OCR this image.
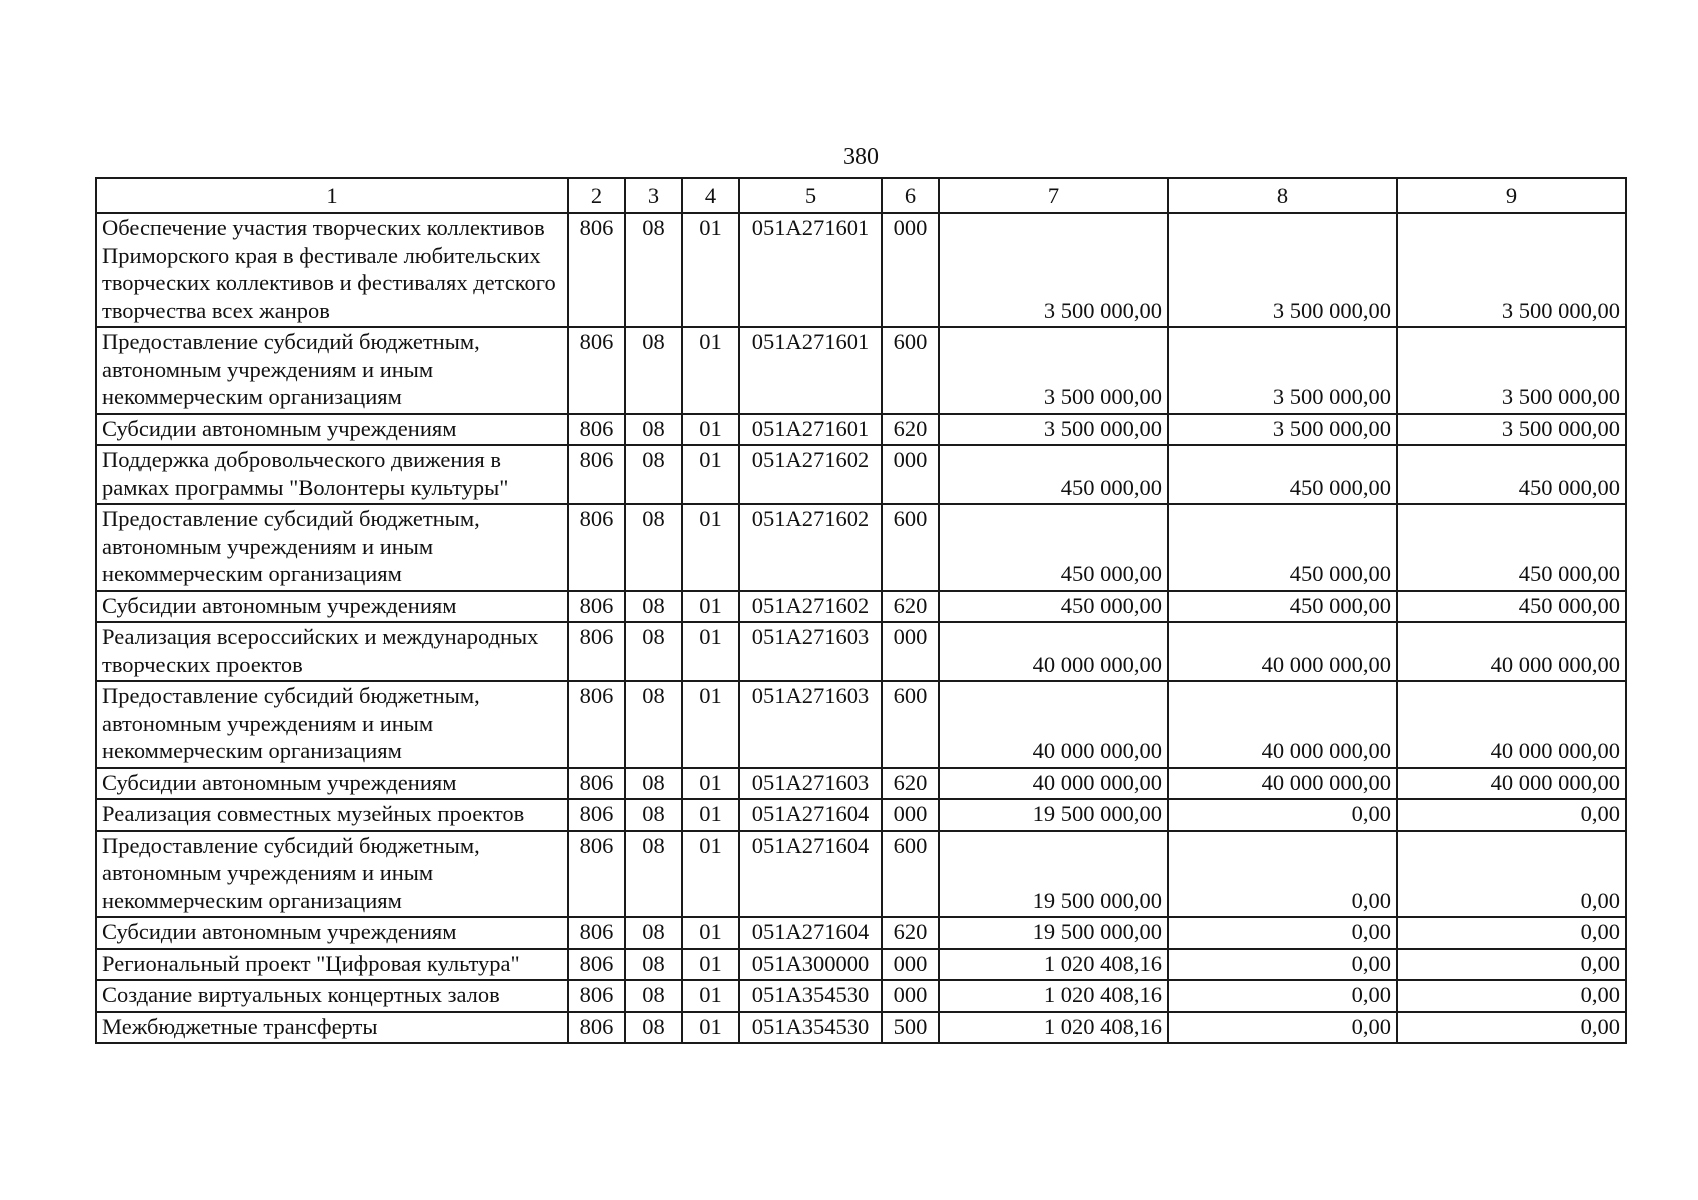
380
1	2	3	4	5	6	7	8	9
Обеспечение участия творческих коллективов Приморского края в фестивале любительских творческих коллективов и фестивалях детского творчества всех жанров	806	08	01	051A271601	000	3 500 000,00	3 500 000,00	3 500 000,00
Предоставление субсидий бюджетным, автономным учреждениям и иным некоммерческим организациям	806	08	01	051A271601	600	3 500 000,00	3 500 000,00	3 500 000,00
Субсидии автономным учреждениям	806	08	01	051A271601	620	3 500 000,00	3 500 000,00	3 500 000,00
Поддержка добровольческого движения в рамках программы "Волонтеры культуры"	806	08	01	051A271602	000	450 000,00	450 000,00	450 000,00
Предоставление субсидий бюджетным, автономным учреждениям и иным некоммерческим организациям	806	08	01	051A271602	600	450 000,00	450 000,00	450 000,00
Субсидии автономным учреждениям	806	08	01	051A271602	620	450 000,00	450 000,00	450 000,00
Реализация всероссийских и международных творческих проектов	806	08	01	051A271603	000	40 000 000,00	40 000 000,00	40 000 000,00
Предоставление субсидий бюджетным, автономным учреждениям и иным некоммерческим организациям	806	08	01	051A271603	600	40 000 000,00	40 000 000,00	40 000 000,00
Субсидии автономным учреждениям	806	08	01	051A271603	620	40 000 000,00	40 000 000,00	40 000 000,00
Реализация совместных музейных проектов	806	08	01	051A271604	000	19 500 000,00	0,00	0,00
Предоставление субсидий бюджетным, автономным учреждениям и иным некоммерческим организациям	806	08	01	051A271604	600	19 500 000,00	0,00	0,00
Субсидии автономным учреждениям	806	08	01	051A271604	620	19 500 000,00	0,00	0,00
Региональный проект "Цифровая культура"	806	08	01	051A300000	000	1 020 408,16	0,00	0,00
Создание виртуальных концертных залов	806	08	01	051A354530	000	1 020 408,16	0,00	0,00
Межбюджетные трансферты	806	08	01	051A354530	500	1 020 408,16	0,00	0,00
